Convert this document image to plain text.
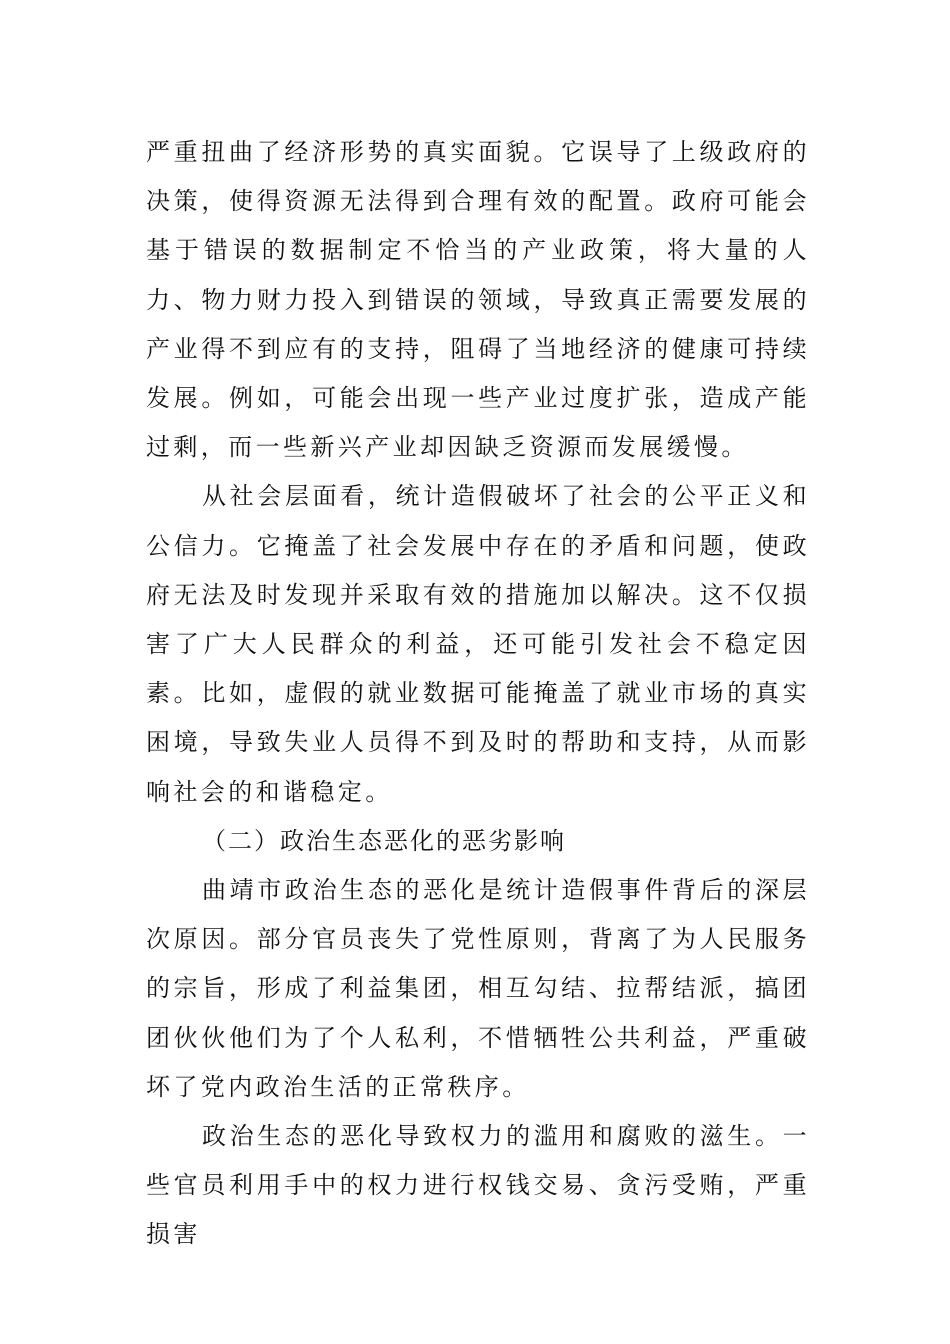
严重扭曲了经济形势的真实面貌。它误导了上级政府的决策，使得资源无法得到合理有效的配置。政府可能会基于错误的数据制定不恰当的产业政策，将大量的人力、物力财力投入到错误的领域，导致真正需要发展的产业得不到应有的支持，阻碍了当地经济的健康可持续发展。例如，可能会出现一些产业过度扩张，造成产能过剩，而一些新兴产业却因缺乏资源而发展缓慢。

从社会层面看，统计造假破坏了社会的公平正义和公信力。它掩盖了社会发展中存在的矛盾和问题，使政府无法及时发现并采取有效的措施加以解决。这不仅损害了广大人民群众的利益，还可能引发社会不稳定因素。比如，虚假的就业数据可能掩盖了就业市场的真实困境，导致失业人员得不到及时的帮助和支持，从而影响社会的和谐稳定。

（二）政治生态恶化的恶劣影响

曲靖市政治生态的恶化是统计造假事件背后的深层次原因。部分官员丧失了党性原则，背离了为人民服务的宗旨，形成了利益集团，相互勾结、拉帮结派，搞团团伙伙他们为了个人私利，不惜牺牲公共利益，严重破坏了党内政治生活的正常秩序。

政治生态的恶化导致权力的滥用和腐败的滋生。一些官员利用手中的权力进行权钱交易、贪污受贿，严重损害
